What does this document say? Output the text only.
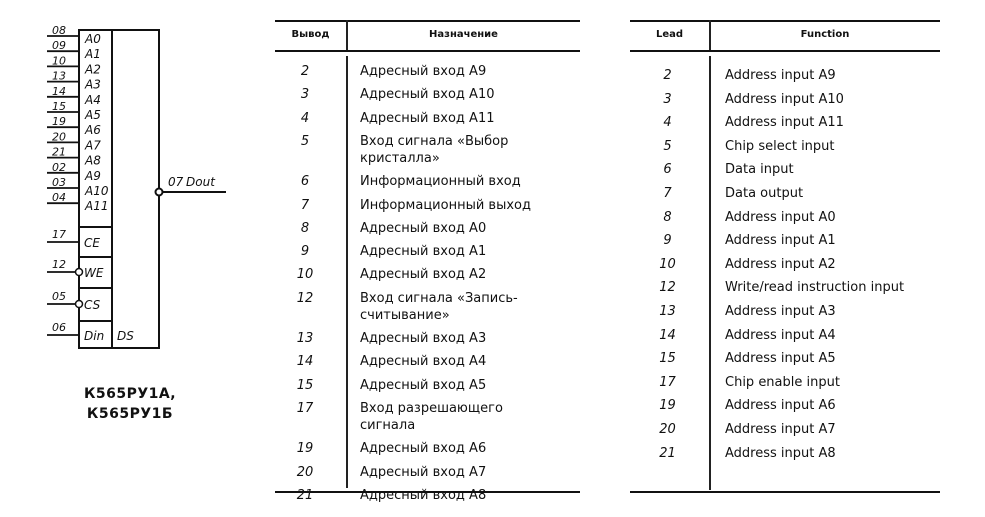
08
A0
09
A1
10
A2
13
A3
14
A4
15
A5
19
A6
20
A7
21
A8
02
A9
03
A10
04
A11
17
CE
12
WE
05
CS
06
Din
07 Dout
DS
К565РУ1А,
К565РУ1Б
Вывод	Назначение
2	Адресный вход А9
3	Адресный вход А10
4	Адресный вход А11
5	Вход сигнала «Выбор
кристалла»
6	Информационный вход
7	Информационный выход
8	Адресный вход А0
9	Адресный вход А1
10	Адресный вход А2
12	Вход сигнала «Запись-
считывание»
13	Адресный вход А3
14	Адресный вход А4
15	Адресный вход А5
17	Вход разрешающего
сигнала
19	Адресный вход А6
20	Адресный вход А7
21	Адресный вход А8
Lead	Function
2	Address input A9
3	Address input A10
4	Address input A11
5	Chip select input
6	Data input
7	Data output
8	Address input A0
9	Address input A1
10	Address input A2
12	Write/read instruction input
13	Address input A3
14	Address input A4
15	Address input A5
17	Chip enable input
19	Address input A6
20	Address input A7
21	Address input A8
